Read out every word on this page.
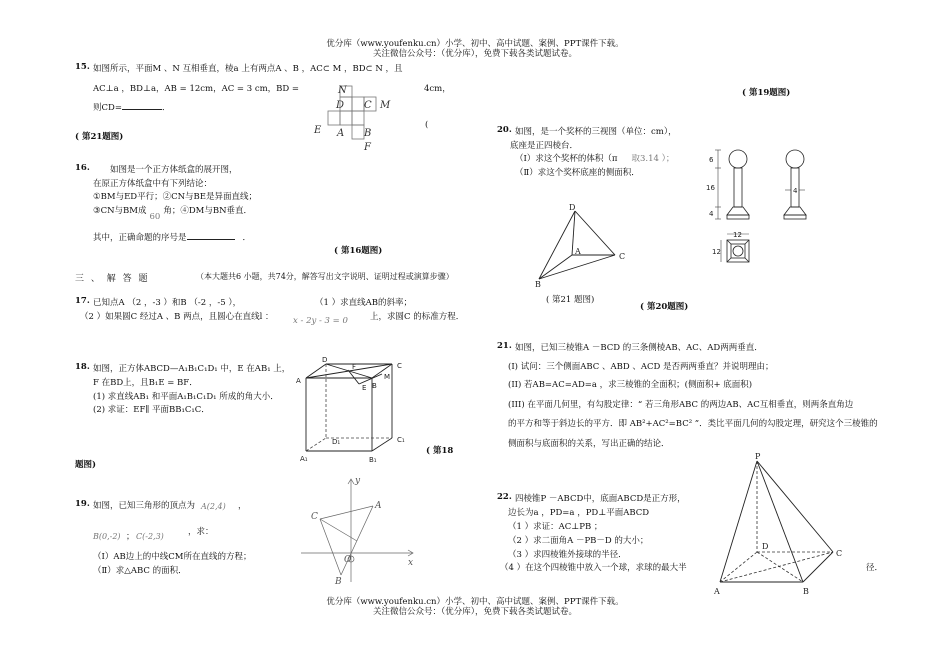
优分库（www.youfenku.cn）小学、初中、高中试题、案例、PPT课件下载。
关注微信公众号：（优分库），免费下载各类试题试卷。
15. 如图所示，平面M 、N 互相垂直，棱a 上有两点A 、B ，AC⊂ M ，BD⊂ N ，且
AC⊥a ，BD⊥a，AB = 12cm，AC = 3 cm，BD =	4cm，
则CD=	．
(
( 第21题图)
N
D C M
E A B
F
16. 如图是一个正方体纸盒的展开图，
在原正方体纸盒中有下列结论：
①BM与ED平行；②CN与BE是异面直线；
③CN与BM成60角；④DM与BN垂直．
其中，正确命题的序号是	．
( 第16题图)
三 、 解 答 题	（本大题共6 小题，共74分，解答写出文字说明、证明过程或演算步骤）
17. 已知点A （2 ，-3 ）和B （-2 ，-5 ），	（1 ）求直线AB的斜率；
（2 ）如果圆C 经过A 、B 两点，且圆心在直线l ： x - 2y - 3 = 0	上，求圆C 的标准方程．
18. 如图，正方体ABCD—A₁B₁C₁D₁ 中，E 在AB₁ 上，
F 在BD上，且B₁E = BF．
(1) 求直线AB₁ 和平面A₁B₁C₁D₁ 所成的角大小．
(2) 求证：EF∥ 平面BB₁C₁C．
( 第18
题图)
D
C
A
B
E
F
M
D₁	C₁
A₁	B₁
19. 如图，已知三角形的顶点为 A(2,4) ，
B(0,-2) ； C(-2,3)	，求：
（Ⅰ）AB边上的中线CM所在直线的方程；
（Ⅱ）求△ABC 的面积．
x
y
A
C
O
B
( 第19题图)
20. 如图，是一个奖杯的三视图（单位：cm），
底座是正四棱台．
（Ⅰ）求这个奖杯的体积（π 取3.14 ）；
（Ⅱ）求这个奖杯底座的侧面积．
6
16
4
4
12
12
D
A
C
B
( 第21 题图)
( 第20题图)
21. 如图，已知三棱锥A －BCD 的三条侧棱AB、AC、AD两两垂直．
(I) 试问：三个侧面ABC 、ABD 、ACD 是否两两垂直？并说明理由；
(II) 若AB=AC=AD=a ，求三棱锥的全面积；(侧面积+ 底面积)
(III) 在平面几何里，有勾股定律：“ 若三角形ABC 的两边AB、AC互相垂直，则两条直角边
的平方和等于斜边长的平方．即 AB²+AC²=BC² ”．类比平面几何的勾股定理，研究这个三棱锥的
侧面积与底面积的关系，写出正确的结论．
22. 四棱锥P －ABCD中，底面ABCD是正方形，
边长为a ，PD=a ，PD⊥平面ABCD
（1 ）求证：AC⊥PB ；
（2 ）求二面角A －PB－D 的大小；
（3 ）求四棱锥外接球的半径．
（4 ）在这个四棱锥中放入一个球，求球的最大半	径．
P
D
C
A	B
优分库（www.youfenku.cn）小学、初中、高中试题、案例、PPT课件下载。
关注微信公众号：（优分库），免费下载各类试题试卷。
